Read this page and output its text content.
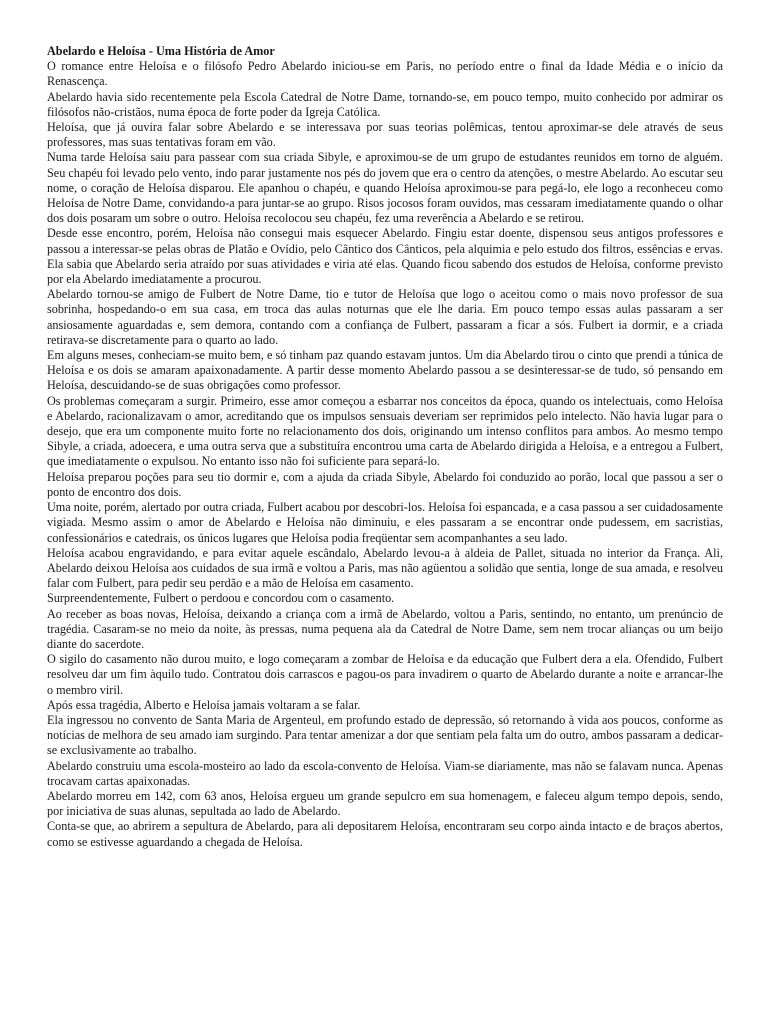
Abelardo e Heloísa - Uma História de Amor

O romance entre Heloísa e o filósofo Pedro Abelardo iniciou-se em Paris, no período entre o final da Idade Média e o início da Renascença.

Abelardo havia sido recentemente pela Escola Catedral de Notre Dame, tornando-se, em pouco tempo, muito conhecido por admirar os filósofos não-cristãos, numa época de forte poder da Igreja Católica.

Heloísa, que já ouvira falar sobre Abelardo e se interessava por suas teorias polêmicas, tentou aproximar-se dele através de seus professores, mas suas tentativas foram em vão.

Numa tarde Heloísa saiu para passear com sua criada Sibyle, e aproximou-se de um grupo de estudantes reunidos em torno de alguém. Seu chapéu foi levado pelo vento, indo parar justamente nos pés do jovem que era o centro da atenções, o mestre Abelardo. Ao escutar seu nome, o coração de Heloísa disparou. Ele apanhou o chapéu, e quando Heloísa aproximou-se para pegá-lo, ele logo a reconheceu como Heloísa de Notre Dame, convidando-a para juntar-se ao grupo. Risos jocosos foram ouvidos, mas cessaram imediatamente quando o olhar dos dois posaram um sobre o outro. Heloísa recolocou seu chapéu, fez uma reverência a Abelardo e se retirou.

Desde esse encontro, porém, Heloísa não consegui mais esquecer Abelardo. Fingiu estar doente, dispensou seus antigos professores e passou a interessar-se pelas obras de Platão e Ovídio, pelo Cântico dos Cânticos, pela alquimia e pelo estudo dos filtros, essências e ervas. Ela sabia que Abelardo seria atraído por suas atividades e viria até elas. Quando ficou sabendo dos estudos de Heloísa, conforme previsto por ela Abelardo imediatamente a procurou.

Abelardo tornou-se amigo de Fulbert de Notre Dame, tio e tutor de Heloísa que logo o aceitou como o mais novo professor de sua sobrinha, hospedando-o em sua casa, em troca das aulas noturnas que ele lhe daria. Em pouco tempo essas aulas passaram a ser ansiosamente aguardadas e, sem demora, contando com a confiança de Fulbert, passaram a ficar a sós. Fulbert ia dormir, e a criada retirava-se discretamente para o quarto ao lado.

Em alguns meses, conheciam-se muito bem, e só tinham paz quando estavam juntos. Um dia Abelardo tirou o cinto que prendi a túnica de Heloísa e os dois se amaram apaixonadamente. A partir desse momento Abelardo passou a se desinteressar-se de tudo, só pensando em Heloísa, descuidando-se de suas obrigações como professor.

Os problemas começaram a surgir. Primeiro, esse amor começou a esbarrar nos conceitos da época, quando os intelectuais, como Heloísa e Abelardo, racionalizavam o amor, acreditando que os impulsos sensuais deveriam ser reprimidos pelo intelecto. Não havia lugar para o desejo, que era um componente muito forte no relacionamento dos dois, originando um intenso conflitos para ambos. Ao mesmo tempo Sibyle, a criada, adoecera, e uma outra serva que a substituíra encontrou uma carta de Abelardo dirigida a Heloísa, e a entregou a Fulbert, que imediatamente o expulsou. No entanto isso não foi suficiente para separá-lo.

Heloísa preparou poções para seu tio dormir e, com a ajuda da criada Sibyle, Abelardo foi conduzido ao porão, local que passou a ser o ponto de encontro dos dois.

Uma noite, porém, alertado por outra criada, Fulbert acabou por descobri-los. Heloísa foi espancada, e a casa passou a ser cuidadosamente vigiada. Mesmo assim o amor de Abelardo e Heloísa não diminuiu, e eles passaram a se encontrar onde pudessem, em sacristias, confessionários e catedrais, os únicos lugares que Heloísa podia freqüentar sem acompanhantes a seu lado.

Heloísa acabou engravidando, e para evitar aquele escândalo, Abelardo levou-a à aldeia de Pallet, situada no interior da França. Ali, Abelardo deixou Heloísa aos cuidados de sua irmã e voltou a Paris, mas não agüentou a solidão que sentia, longe de sua amada, e resolveu falar com Fulbert, para pedir seu perdão e a mão de Heloísa em casamento.

Surpreendentemente, Fulbert o perdoou e concordou com o casamento.

Ao receber as boas novas, Heloísa, deixando a criança com a irmã de Abelardo, voltou a Paris, sentindo, no entanto, um prenúncio de tragédia. Casaram-se no meio da noite, às pressas, numa pequena ala da Catedral de Notre Dame, sem nem trocar alianças ou um beijo diante do sacerdote.

O sigilo do casamento não durou muito, e logo começaram a zombar de Heloísa e da educação que Fulbert dera a ela. Ofendido, Fulbert resolveu dar um fim àquilo tudo. Contratou dois carrascos e pagou-os para invadirem o quarto de Abelardo durante a noite e arrancar-lhe o membro viril.

Após essa tragédia, Alberto e Heloísa jamais voltaram a se falar.

Ela ingressou no convento de Santa Maria de Argenteul, em profundo estado de depressão, só retornando à vida aos poucos, conforme as notícias de melhora de seu amado iam surgindo. Para tentar amenizar a dor que sentiam pela falta um do outro, ambos passaram a dedicar-se exclusivamente ao trabalho.

Abelardo construiu uma escola-mosteiro ao lado da escola-convento de Heloísa. Viam-se diariamente, mas não se falavam nunca. Apenas trocavam cartas apaixonadas.

Abelardo morreu em 142, com 63 anos, Heloísa ergueu um grande sepulcro em sua homenagem, e faleceu algum tempo depois, sendo, por iniciativa de suas alunas, sepultada ao lado de Abelardo.

Conta-se que, ao abrirem a sepultura de Abelardo, para ali depositarem Heloísa, encontraram seu corpo ainda intacto e de braços abertos, como se estivesse aguardando a chegada de Heloísa.
